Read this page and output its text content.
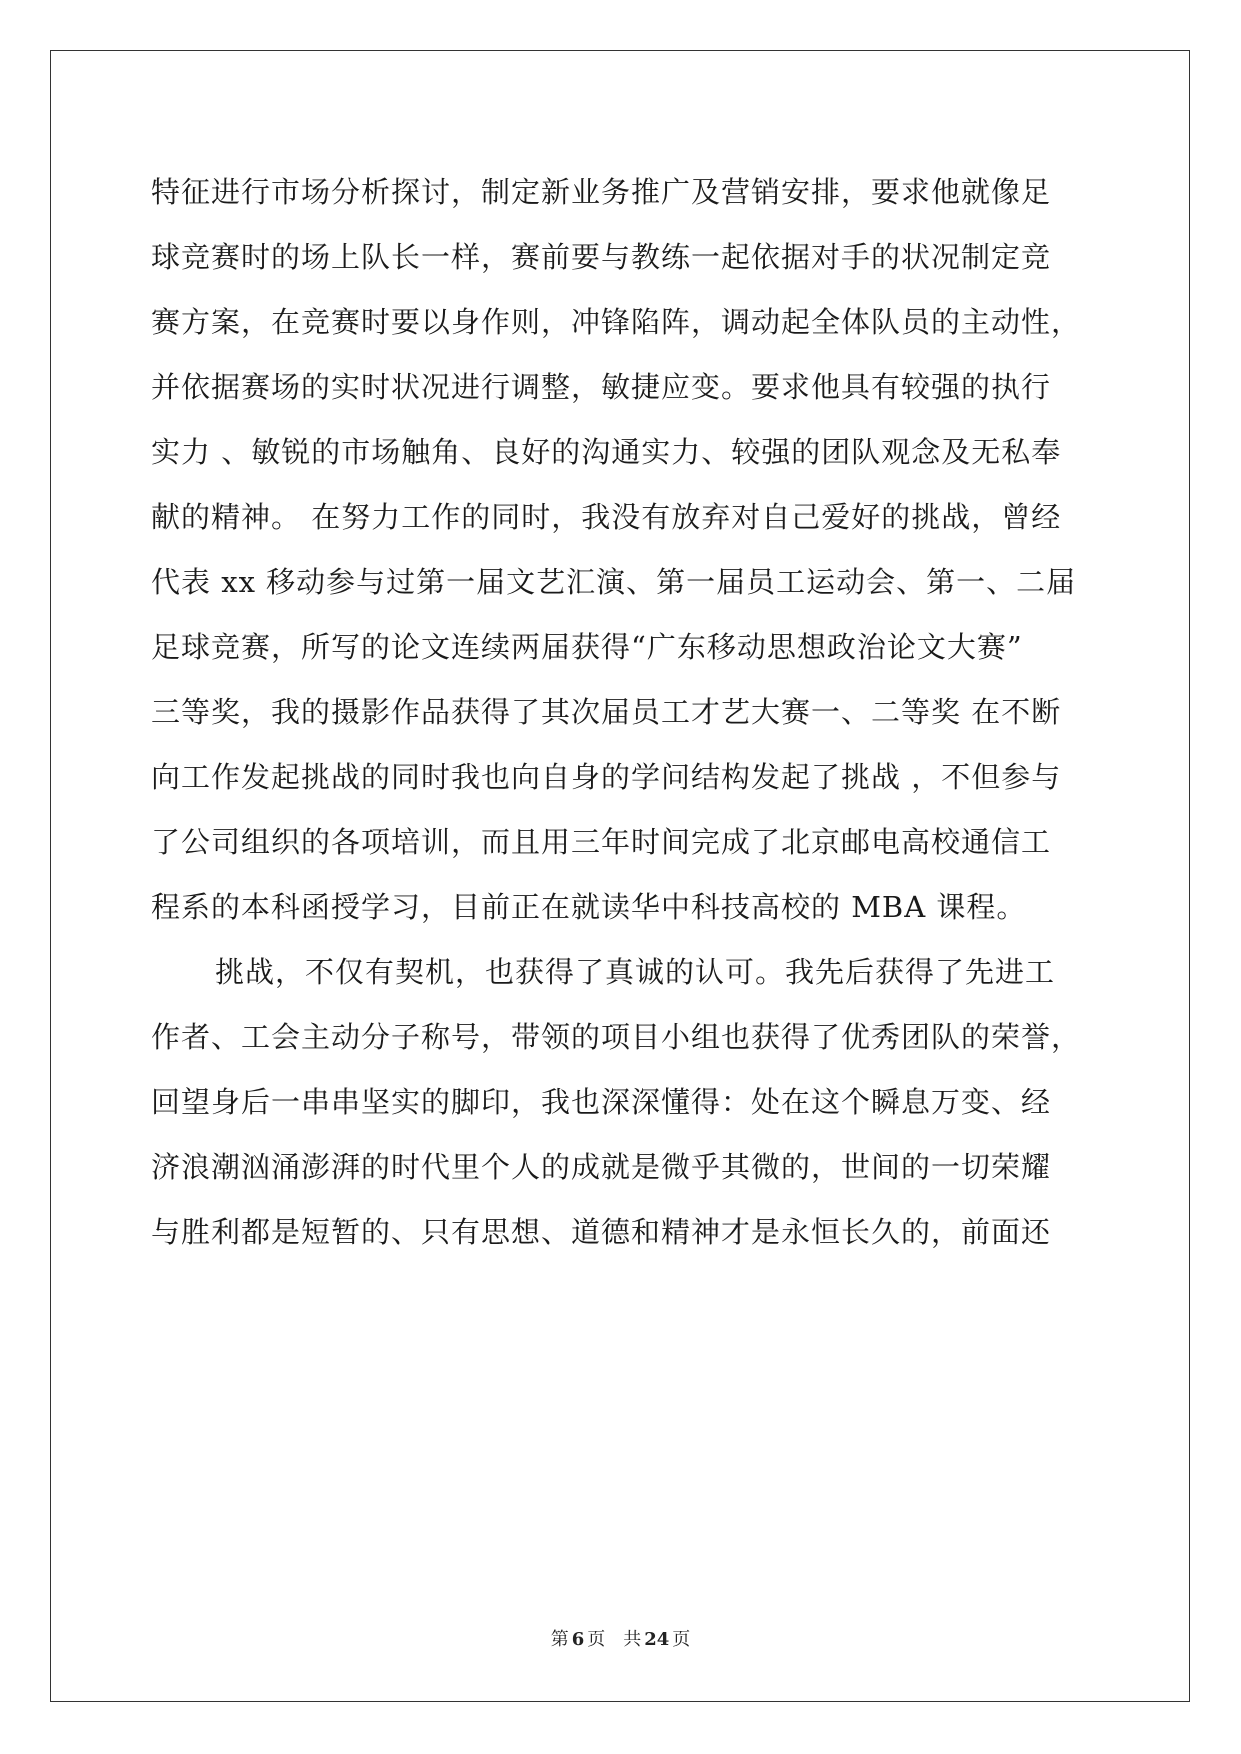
特征进行市场分析探讨，制定新业务推广及营销安排，要求他就像足
球竞赛时的场上队长一样，赛前要与教练一起依据对手的状况制定竞
赛方案，在竞赛时要以身作则，冲锋陷阵，调动起全体队员的主动性，
并依据赛场的实时状况进行调整，敏捷应变。要求他具有较强的执行
实力 、敏锐的市场触角、良好的沟通实力、较强的团队观念及无私奉
献的精神。 在努力工作的同时，我没有放弃对自己爱好的挑战，曾经
代表 xx 移动参与过第一届文艺汇演、第一届员工运动会、第一、二届
足球竞赛，所写的论文连续两届获得“广东移动思想政治论文大赛”
三等奖，我的摄影作品获得了其次届员工才艺大赛一、二等奖 在不断
向工作发起挑战的同时我也向自身的学问结构发起了挑战 ，不但参与
了公司组织的各项培训，而且用三年时间完成了北京邮电高校通信工
程系的本科函授学习，目前正在就读华中科技高校的 MBA 课程。
挑战，不仅有契机，也获得了真诚的认可。我先后获得了先进工
作者、工会主动分子称号，带领的项目小组也获得了优秀团队的荣誉，
回望身后一串串坚实的脚印，我也深深懂得：处在这个瞬息万变、经
济浪潮汹涌澎湃的时代里个人的成就是微乎其微的，世间的一切荣耀
与胜利都是短暂的、只有思想、道德和精神才是永恒长久的，前面还
第 6 页 共 24 页
